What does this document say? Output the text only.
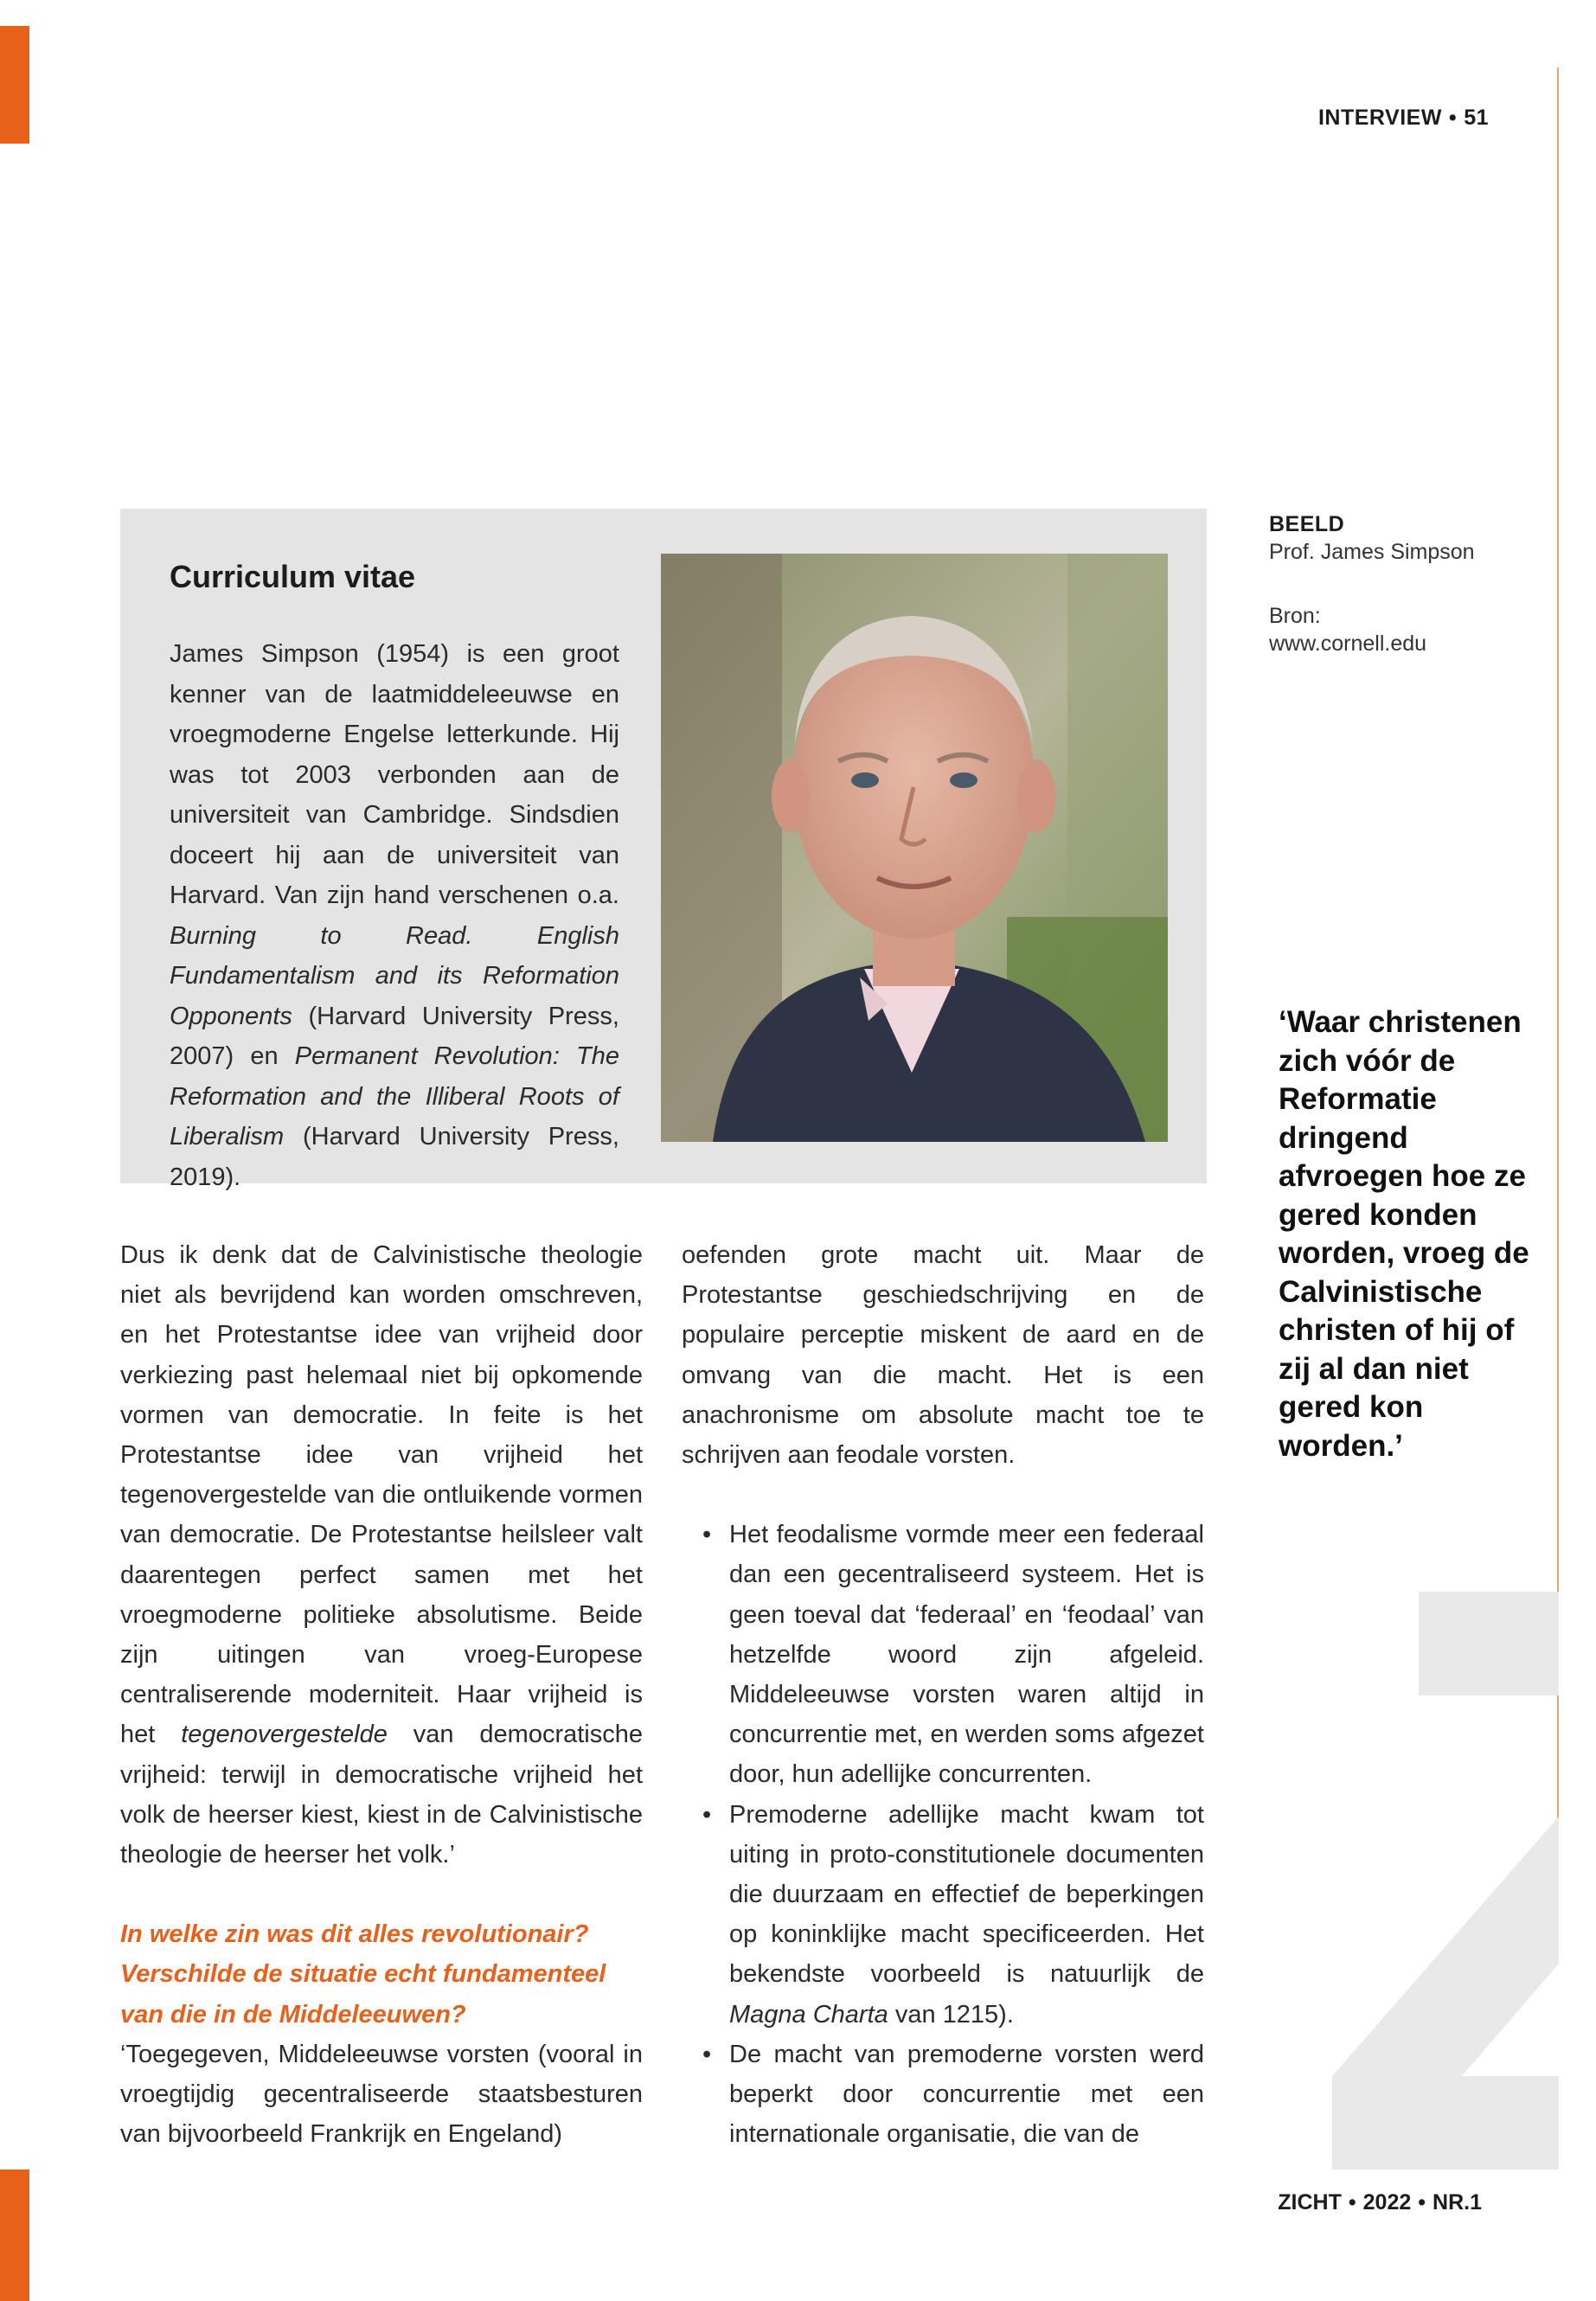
INTERVIEW • 51
Curriculum vitae
James Simpson (1954) is een groot kenner van de laatmiddeleeuwse en vroegmoderne Engelse letterkunde. Hij was tot 2003 verbonden aan de universiteit van Cambridge. Sindsdien doceert hij aan de universiteit van Harvard. Van zijn hand verschenen o.a. Burning to Read. English Fundamentalism and its Reformation Opponents (Harvard University Press, 2007) en Permanent Revolution: The Reformation and the Illiberal Roots of Liberalism (Harvard University Press, 2019).
BEELD
Prof. James Simpson
Bron:
www.cornell.edu
‘Waar christenen zich vóór de Reformatie dringend afvroegen hoe ze gered konden worden, vroeg de Calvinistische christen of hij of zij al dan niet gered kon worden.’

Dus ik denk dat de Calvinistische theologie niet als bevrijdend kan worden omschreven, en het Protestantse idee van vrijheid door verkiezing past helemaal niet bij opkomende vormen van democratie. In feite is het Protestantse idee van vrijheid het tegenovergestelde van die ontluikende vormen van democratie. De Protestantse heilsleer valt daarentegen perfect samen met het vroegmoderne politieke absolutisme. Beide zijn uitingen van vroeg-Europese centraliserende moderniteit. Haar vrijheid is het tegenovergestelde van democratische vrijheid: terwijl in democratische vrijheid het volk de heerser kiest, kiest in de Calvinistische theologie de heerser het volk.’

In welke zin was dit alles revolutionair? Verschilde de situatie echt fundamenteel van die in de Middeleeuwen?

‘Toegegeven, Middeleeuwse vorsten (vooral in vroegtijdig gecentraliseerde staatsbesturen van bijvoorbeeld Frankrijk en Engeland)

oefenden grote macht uit. Maar de Protestantse geschiedschrijving en de populaire perceptie miskent de aard en de omvang van die macht. Het is een anachronisme om absolute macht toe te schrijven aan feodale vorsten.

• Het feodalisme vormde meer een federaal dan een gecentraliseerd systeem. Het is geen toeval dat ‘federaal’ en ‘feodaal’ van hetzelfde woord zijn afgeleid. Middeleeuwse vorsten waren altijd in concurrentie met, en werden soms afgezet door, hun adellijke concurrenten.
• Premoderne adellijke macht kwam tot uiting in proto-constitutionele documenten die duurzaam en effectief de beperkingen op koninklijke macht specificeerden. Het bekendste voorbeeld is natuurlijk de Magna Charta van 1215).
• De macht van premoderne vorsten werd beperkt door concurrentie met een internationale organisatie, die van de
ZICHT • 2022 • NR.1
